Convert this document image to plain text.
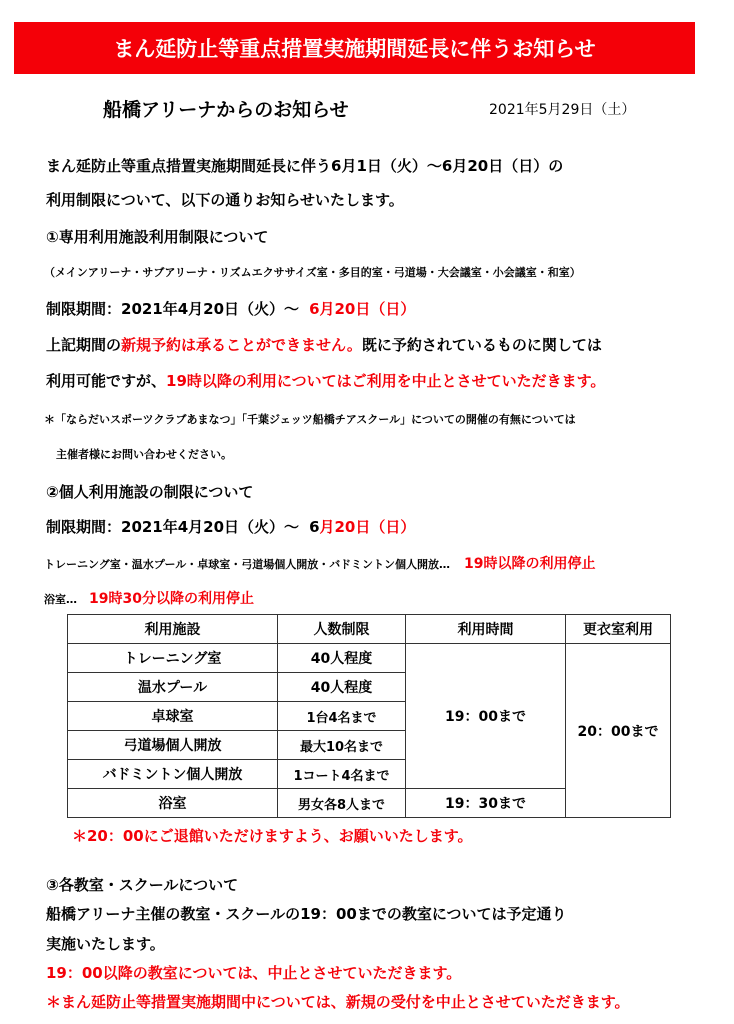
まん延防止等重点措置実施期間延長に伴うお知らせ
船橋アリーナからのお知らせ	2021年5月29日（土）
まん延防止等重点措置実施期間延長に伴う6月1日（火）～6月20日（日）の
利用制限について、以下の通りお知らせいたします。
①専用利用施設利用制限について
（メインアリーナ・サブアリーナ・リズムエクササイズ室・多目的室・弓道場・大会議室・小会議室・和室）
制限期間：2021年4月20日（火）～ 6月20日（日）
上記期間の新規予約は承ることができません。既に予約されているものに関しては
利用可能ですが、19時以降の利用についてはご利用を中止とさせていただきます。
＊「ならだいスポーツクラブあまなつ」「千葉ジェッツ船橋チアスクール」についての開催の有無については
主催者様にお問い合わせください。
②個人利用施設の制限について
制限期間：2021年4月20日（火）～ 6月20日（日）
トレーニング室・温水プール・卓球室・弓道場個人開放・バドミントン個人開放… 19時以降の利用停止
浴室… 19時30分以降の利用停止
利用施設	人数制限	利用時間	更衣室利用
トレーニング室	40人程度	19：00まで	20：00まで
温水プール	40人程度		
卓球室	1台4名まで		
弓道場個人開放	最大10名まで		
バドミントン個人開放	1コート4名まで		
浴室	男女各8人まで	19：30まで	
＊20：00にご退館いただけますよう、お願いいたします。
③各教室・スクールについて
船橋アリーナ主催の教室・スクールの19：00までの教室については予定通り
実施いたします。
19：00以降の教室については、中止とさせていただきます。
＊まん延防止等措置実施期間中については、新規の受付を中止とさせていただきます。
